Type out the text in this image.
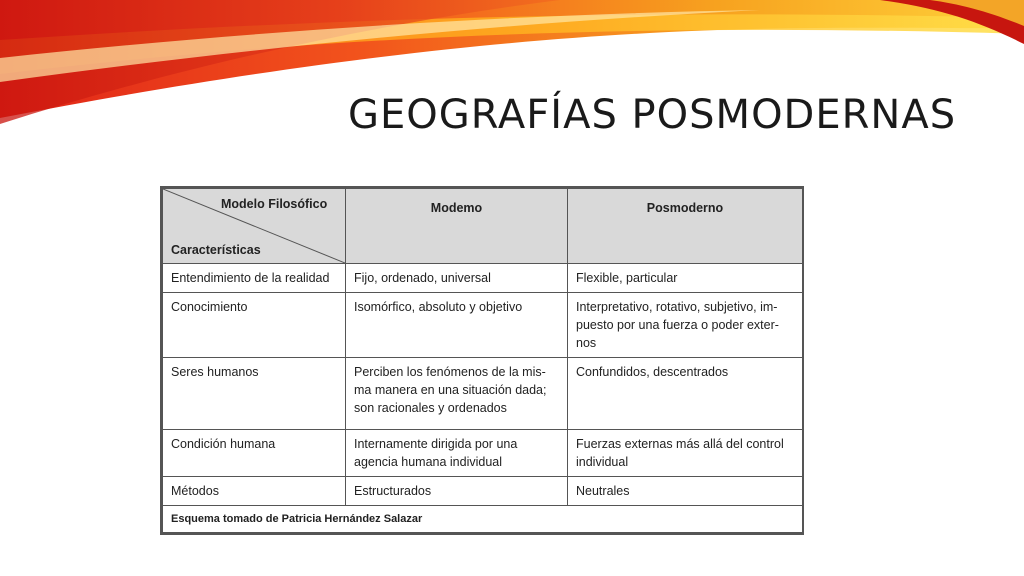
GEOGRAFÍAS POSMODERNAS
Modelo Filosófico
Características	Modemo	Posmoderno
Entendimiento de la realidad	Fijo, ordenado, universal	Flexible, particular
Conocimiento	Isomórfico, absoluto y objetivo	Interpretativo, rotativo, subjetivo, im-puesto por una fuerza o poder exter-nos
Seres humanos	Perciben los fenómenos de la mis-ma manera en una situación dada; son racionales y ordenados	Confundidos, descentrados
Condición humana	Internamente dirigida por una agencia humana individual	Fuerzas externas más allá del control individual
Métodos	Estructurados	Neutrales
Esquema tomado de Patricia Hernández Salazar		
